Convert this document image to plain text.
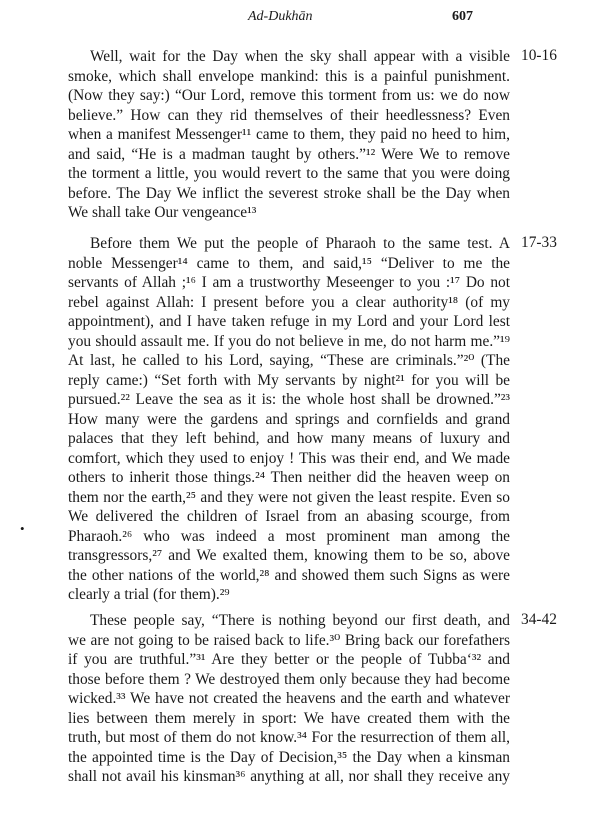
Ad-Dukhān	607
10-16
Well, wait for the Day when the sky shall appear with a visible
smoke, which shall envelope mankind: this is a painful punishment.
(Now they say:) “Our Lord, remove this torment from us: we do now
believe.” How can they rid themselves of their heedlessness? Even
when a manifest Messenger¹¹ came to them, they paid no heed to him,
and said, “He is a madman taught by others.”¹² Were We to remove
the torment a little, you would revert to the same that you were doing
before. The Day We inflict the severest stroke shall be the Day when
We shall take Our vengeance¹³
17-33
Before them We put the people of Pharaoh to the same test. A
noble Messenger¹⁴ came to them, and said,¹⁵ “Deliver to me the
servants of Allah ;¹⁶ I am a trustworthy Meseenger to you :¹⁷ Do not
rebel against Allah: I present before you a clear authority¹⁸ (of my
appointment), and I have taken refuge in my Lord and your Lord lest
you should assault me. If you do not believe in me, do not harm me.”¹⁹
At last, he called to his Lord, saying, “These are criminals.”²⁰ (The
reply came:) “Set forth with My servants by night²¹ for you will be
pursued.²² Leave the sea as it is: the whole host shall be drowned.”²³
How many were the gardens and springs and cornfields and grand
palaces that they left behind, and how many means of luxury and
comfort, which they used to enjoy ! This was their end, and We made
others to inherit those things.²⁴ Then neither did the heaven weep on
them nor the earth,²⁵ and they were not given the least respite. Even so
We delivered the children of Israel from an abasing scourge, from
Pharaoh.²⁶ who was indeed a most prominent man among the
transgressors,²⁷ and We exalted them, knowing them to be so, above
the other nations of the world,²⁸ and showed them such Signs as were
clearly a trial (for them).²⁹
34-42
These people say, “There is nothing beyond our first death, and
we are not going to be raised back to life.³⁰ Bring back our forefathers
if you are truthful.”³¹ Are they better or the people of Tubba‘³² and
those before them ? We destroyed them only because they had become
wicked.³³ We have not created the heavens and the earth and whatever
lies between them merely in sport: We have created them with the
truth, but most of them do not know.³⁴ For the resurrection of them all,
the appointed time is the Day of Decision,³⁵ the Day when a kinsman
shall not avail his kinsman³⁶ anything at all, nor shall they receive any
•
